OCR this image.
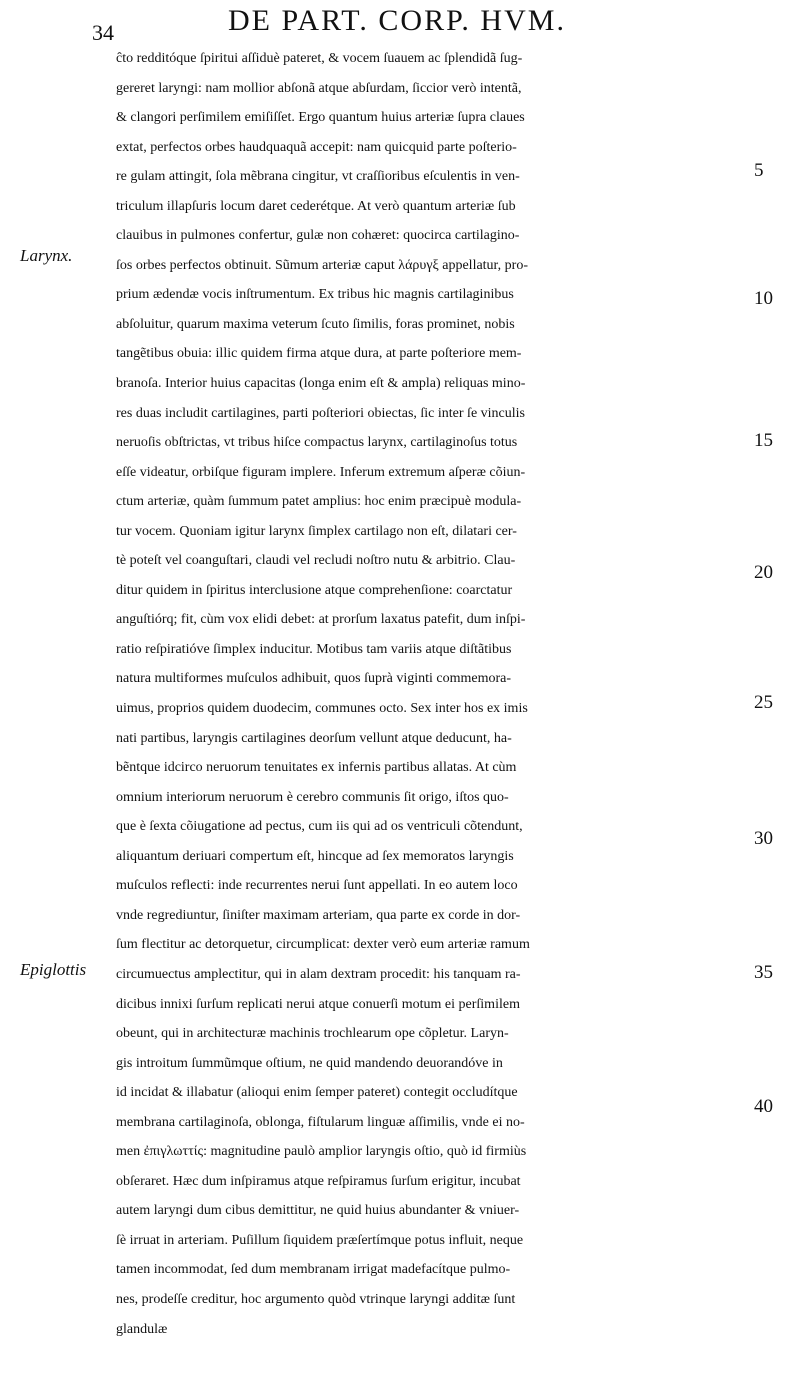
34	DE PART. CORP. HVM.
Larynx.
Epiglottis
5
10
15
20
25
30
35
40
ĉto redditóque ſpiritui aſſiduè pateret, & vocem ſuauem ac ſplendidã ſug-
gereret laryngi: nam mollior abſonã atque abſurdam, ſiccior verò intentã,
& clangori perſimilem emiſiſſet. Ergo quantum huius arteriæ ſupra claues
extat, perfectos orbes haudquaquã accepit: nam quicquid parte poſterio-
re gulam attingit, ſola mẽbrana cingitur, vt craſſioribus eſculentis in ven-
triculum illapſuris locum daret cederétque. At verò quantum arteriæ ſub
clauibus in pulmones confertur, gulæ non cohæret: quocirca cartilagino-
ſos orbes perfectos obtinuit. Sũmum arteriæ caput λάρυγξ appellatur, pro-
prium ædendæ vocis inſtrumentum. Ex tribus hic magnis cartilaginibus
abſoluitur, quarum maxima veterum ſcuto ſimilis, foras prominet, nobis
tangẽtibus obuia: illic quidem firma atque dura, at parte poſteriore mem-
branoſa. Interior huius capacitas (longa enim eſt & ampla) reliquas mino-
res duas includit cartilagines, parti poſteriori obiectas, ſic inter ſe vinculis
neruoſis obſtrictas, vt tribus hiſce compactus larynx, cartilaginoſus totus
eſſe videatur, orbiſque figuram implere. Inferum extremum aſperæ cõiun-
ctum arteriæ, quàm ſummum patet amplius: hoc enim præcipuè modula-
tur vocem. Quoniam igitur larynx ſimplex cartilago non eſt, dilatari cer-
tè poteſt vel coanguſtari, claudi vel recludi noſtro nutu & arbitrio. Clau-
ditur quidem in ſpiritus interclusione atque comprehenſione: coarctatur
anguſtiórq; fit, cùm vox elidi debet: at prorſum laxatus patefit, dum inſpi-
ratio reſpiratióve ſimplex inducitur. Motibus tam variis atque diſtãtibus
natura multiformes muſculos adhibuit, quos ſuprà viginti commemora-
uimus, proprios quidem duodecim, communes octo. Sex inter hos ex imis
nati partibus, laryngis cartilagines deorſum vellunt atque deducunt, ha-
bẽntque idcirco neruorum tenuitates ex infernis partibus allatas. At cùm
omnium interiorum neruorum è cerebro communis ſit origo, iſtos quo-
que è ſexta cõiugatione ad pectus, cum iis qui ad os ventriculi cõtendunt,
aliquantum deriuari compertum eſt, hincque ad ſex memoratos laryngis
muſculos reflecti: inde recurrentes nerui ſunt appellati. In eo autem loco
vnde regrediuntur, ſiniſter maximam arteriam, qua parte ex corde in dor-
ſum flectitur ac detorquetur, circumplicat: dexter verò eum arteriæ ramum
circumuectus amplectitur, qui in alam dextram procedit: his tanquam ra-
dicibus innixi ſurſum replicati nerui atque conuerſi motum ei perſimilem
obeunt, qui in architecturæ machinis trochlearum ope cõpletur. Laryn-
gis introitum ſummũmque oſtium, ne quid mandendo deuorandóve in
id incidat & illabatur (alioqui enim ſemper pateret) contegit occludítque
membrana cartilaginoſa, oblonga, fiſtularum linguæ aſſimilis, vnde ei no-
men ἐπιγλωττίς: magnitudine paulò amplior laryngis oſtio, quò id firmiùs
obſeraret. Hæc dum inſpiramus atque reſpiramus ſurſum erigitur, incubat
autem laryngi dum cibus demittitur, ne quid huius abundanter & vniuer-
ſè irruat in arteriam. Puſillum ſiquidem præſertímque potus influit, neque
tamen incommodat, ſed dum membranam irrigat madefacítque pulmo-
nes, prodeſſe creditur, hoc argumento quòd vtrinque laryngi additæ ſunt
glandulæ
